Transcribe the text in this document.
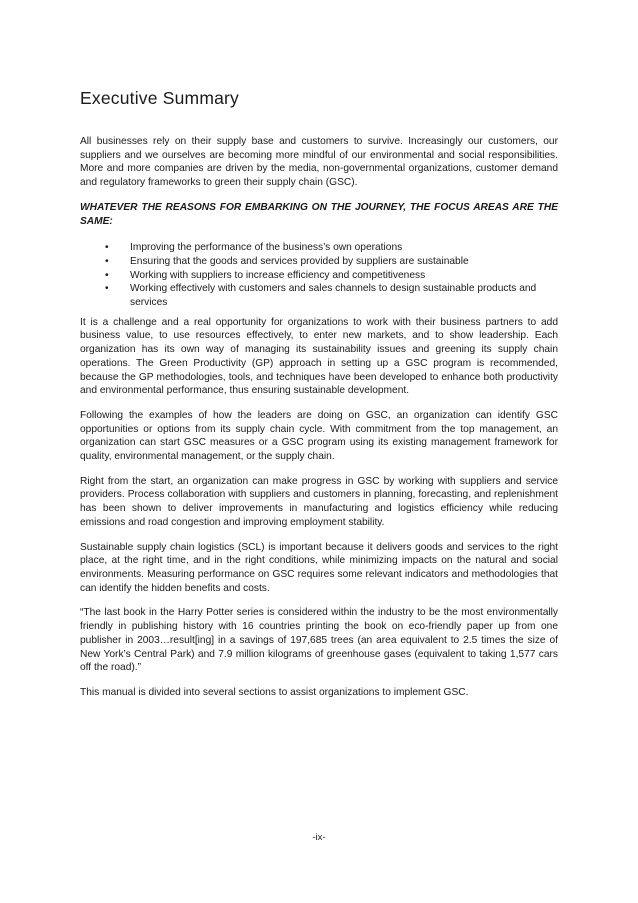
Executive Summary

All businesses rely on their supply base and customers to survive. Increasingly our customers, our suppliers and we ourselves are becoming more mindful of our environmental and social responsibilities. More and more companies are driven by the media, non-governmental organizations, customer demand and regulatory frameworks to green their supply chain (GSC).

WHATEVER THE REASONS FOR EMBARKING ON THE JOURNEY, THE FOCUS AREAS ARE THE SAME:

• Improving the performance of the business’s own operations
• Ensuring that the goods and services provided by suppliers are sustainable
• Working with suppliers to increase efficiency and competitiveness
• Working effectively with customers and sales channels to design sustainable products and services

It is a challenge and a real opportunity for organizations to work with their business partners to add business value, to use resources effectively, to enter new markets, and to show leadership. Each organization has its own way of managing its sustainability issues and greening its supply chain operations. The Green Productivity (GP) approach in setting up a GSC program is recommended, because the GP methodologies, tools, and techniques have been developed to enhance both productivity and environmental performance, thus ensuring sustainable development.

Following the examples of how the leaders are doing on GSC, an organization can identify GSC opportunities or options from its supply chain cycle. With commitment from the top management, an organization can start GSC measures or a GSC program using its existing management framework for quality, environmental management, or the supply chain.

Right from the start, an organization can make progress in GSC by working with suppliers and service providers. Process collaboration with suppliers and customers in planning, forecasting, and replenishment has been shown to deliver improvements in manufacturing and logistics efficiency while reducing emissions and road congestion and improving employment stability.

Sustainable supply chain logistics (SCL) is important because it delivers goods and services to the right place, at the right time, and in the right conditions, while minimizing impacts on the natural and social environments. Measuring performance on GSC requires some relevant indicators and methodologies that can identify the hidden benefits and costs.

“The last book in the Harry Potter series is considered within the industry to be the most environmentally friendly in publishing history with 16 countries printing the book on eco-friendly paper up from one publisher in 2003…result[ing] in a savings of 197,685 trees (an area equivalent to 2.5 times the size of New York’s Central Park) and 7.9 million kilograms of greenhouse gases (equivalent to taking 1,577 cars off the road).”

This manual is divided into several sections to assist organizations to implement GSC.

-ix-
